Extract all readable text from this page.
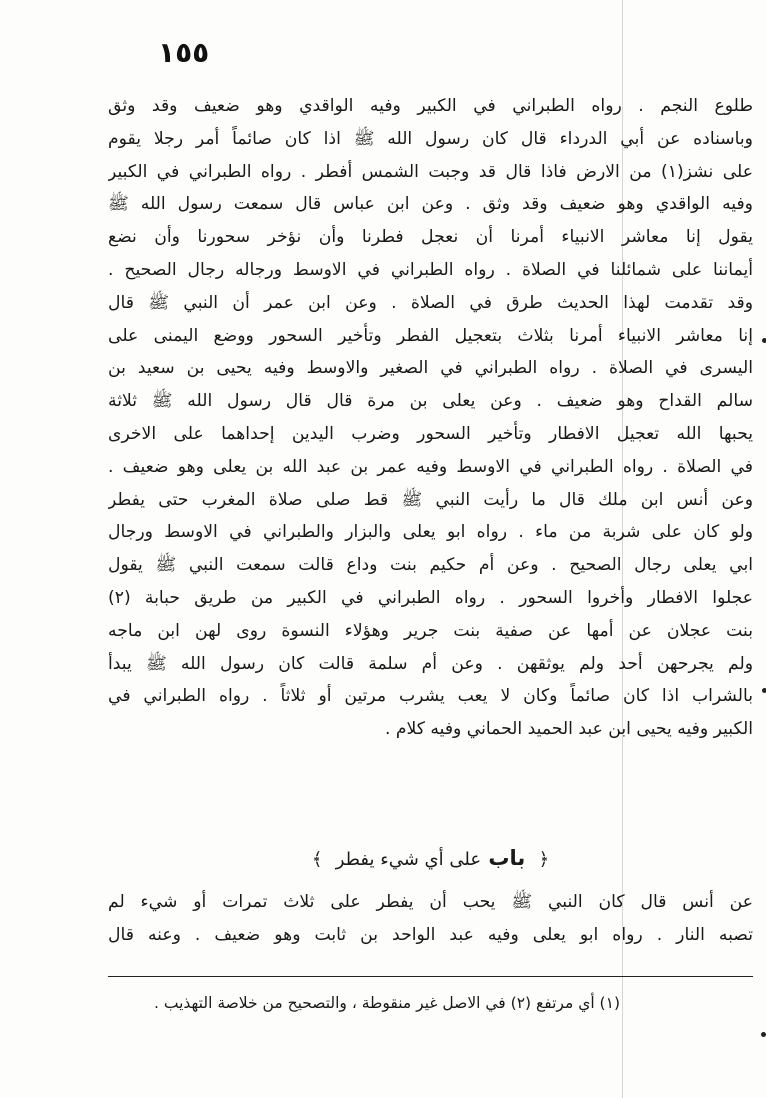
١٥٥
طلوع النجم . رواه الطبراني في الكبير وفيه الواقدي وهو ضعيف وقد وثق
وباسناده عن أبي الدرداء قال كان رسول الله ﷺ اذا كان صائماً أمر رجلا يقوم
على نشز(١) من الارض فاذا قال قد وجبت الشمس أفطر . رواه الطبراني في الكبير
وفيه الواقدي وهو ضعيف وقد وثق . وعن ابن عباس قال سمعت رسول الله ﷺ
يقول إنا معاشر الانبياء أمرنا أن نعجل فطرنا وأن نؤخر سحورنا وأن نضع
أيماننا على شمائلنا في الصلاة . رواه الطبراني في الاوسط ورجاله رجال الصحيح .
وقد تقدمت لهذا الحديث طرق في الصلاة . وعن ابن عمر أن النبي ﷺ قال
إنا معاشر الانبياء أمرنا بثلاث بتعجيل الفطر وتأخير السحور ووضع اليمنى على
اليسرى في الصلاة . رواه الطبراني في الصغير والاوسط وفيه يحيى بن سعيد بن
سالم القداح وهو ضعيف . وعن يعلى بن مرة قال قال رسول الله ﷺ ثلاثة
يحبها الله تعجيل الافطار وتأخير السحور وضرب اليدين إحداهما على الاخرى
في الصلاة . رواه الطبراني في الاوسط وفيه عمر بن عبد الله بن يعلى وهو ضعيف .
وعن أنس ابن ملك قال ما رأيت النبي ﷺ قط صلى صلاة المغرب حتى يفطر
ولو كان على شربة من ماء . رواه ابو يعلى والبزار والطبراني في الاوسط ورجال
ابي يعلى رجال الصحيح . وعن أم حكيم بنت وداع قالت سمعت النبي ﷺ يقول
عجلوا الافطار وأخروا السحور . رواه الطبراني في الكبير من طريق حبابة (٢)
بنت عجلان عن أمها عن صفية بنت جرير وهؤلاء النسوة روى لهن ابن ماجه
ولم يجرحهن أحد ولم يوثقهن . وعن أم سلمة قالت كان رسول الله ﷺ يبدأ
بالشراب اذا كان صائماً وكان لا يعب يشرب مرتين أو ثلاثاً . رواه الطبراني في
الكبير وفيه يحيى ابن عبد الحميد الحماني وفيه كلام .
﴿ باب على أي شيء يفطر ﴾
عن أنس قال كان النبي ﷺ يحب أن يفطر على ثلاث تمرات أو شيء لم
تصبه النار . رواه ابو يعلى وفيه عبد الواحد بن ثابت وهو ضعيف . وعنه قال
(١) أي مرتفع (٢) في الاصل غير منقوطة ، والتصحيح من خلاصة التهذيب .
